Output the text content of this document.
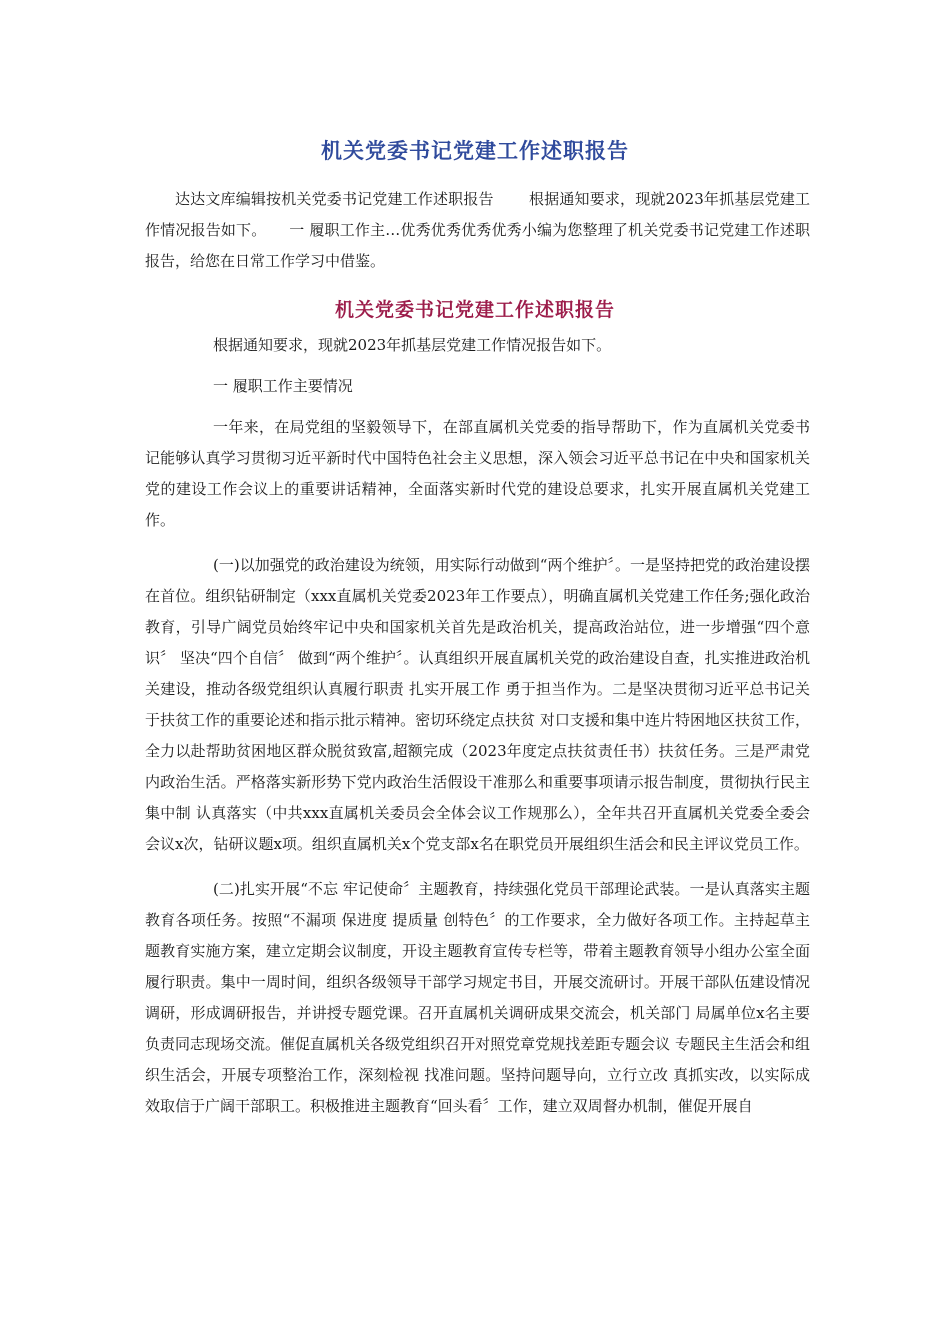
机关党委书记党建工作述职报告

达达文库编辑按机关党委书记党建工作述职报告　　 根据通知要求，现就2023年抓基层党建工作情况报告如下。　　一 履职工作主…优秀优秀优秀优秀小编为您整理了机关党委书记党建工作述职报告，给您在日常工作学习中借鉴。

机关党委书记党建工作述职报告

根据通知要求，现就2023年抓基层党建工作情况报告如下。

一 履职工作主要情况

一年来，在局党组的坚毅领导下，在部直属机关党委的指导帮助下，作为直属机关党委书记能够认真学习贯彻习近平新时代中国特色社会主义思想，深入领会习近平总书记在中央和国家机关党的建设工作会议上的重要讲话精神，全面落实新时代党的建设总要求，扎实开展直属机关党建工作。

(一)以加强党的政治建设为统领，用实际行动做到“两个维护〞。一是坚持把党的政治建设摆在首位。组织钻研制定（xxx直属机关党委2023年工作要点），明确直属机关党建工作任务;强化政治教育，引导广阔党员始终牢记中央和国家机关首先是政治机关，提高政治站位，进一步增强“四个意识〞 坚决“四个自信〞 做到“两个维护〞。认真组织开展直属机关党的政治建设自查，扎实推进政治机关建设，推动各级党组织认真履行职责 扎实开展工作 勇于担当作为。二是坚决贯彻习近平总书记关于扶贫工作的重要论述和指示批示精神。密切环绕定点扶贫 对口支援和集中连片特困地区扶贫工作，全力以赴帮助贫困地区群众脱贫致富,超额完成（2023年度定点扶贫责任书）扶贫任务。三是严肃党内政治生活。严格落实新形势下党内政治生活假设干准那么和重要事项请示报告制度，贯彻执行民主集中制 认真落实（中共xxx直属机关委员会全体会议工作规那么），全年共召开直属机关党委全委会会议x次，钻研议题x项。组织直属机关x个党支部x名在职党员开展组织生活会和民主评议党员工作。

(二)扎实开展“不忘 牢记使命〞主题教育，持续强化党员干部理论武装。一是认真落实主题教育各项任务。按照“不漏项 保进度 提质量 创特色〞的工作要求，全力做好各项工作。主持起草主题教育实施方案，建立定期会议制度，开设主题教育宣传专栏等，带着主题教育领导小组办公室全面履行职责。集中一周时间，组织各级领导干部学习规定书目，开展交流研讨。开展干部队伍建设情况调研，形成调研报告，并讲授专题党课。召开直属机关调研成果交流会，机关部门 局属单位x名主要负责同志现场交流。催促直属机关各级党组织召开对照党章党规找差距专题会议 专题民主生活会和组织生活会，开展专项整治工作，深刻检视 找准问题。坚持问题导向，立行立改 真抓实改，以实际成效取信于广阔干部职工。积极推进主题教育“回头看〞工作，建立双周督办机制，催促开展自
